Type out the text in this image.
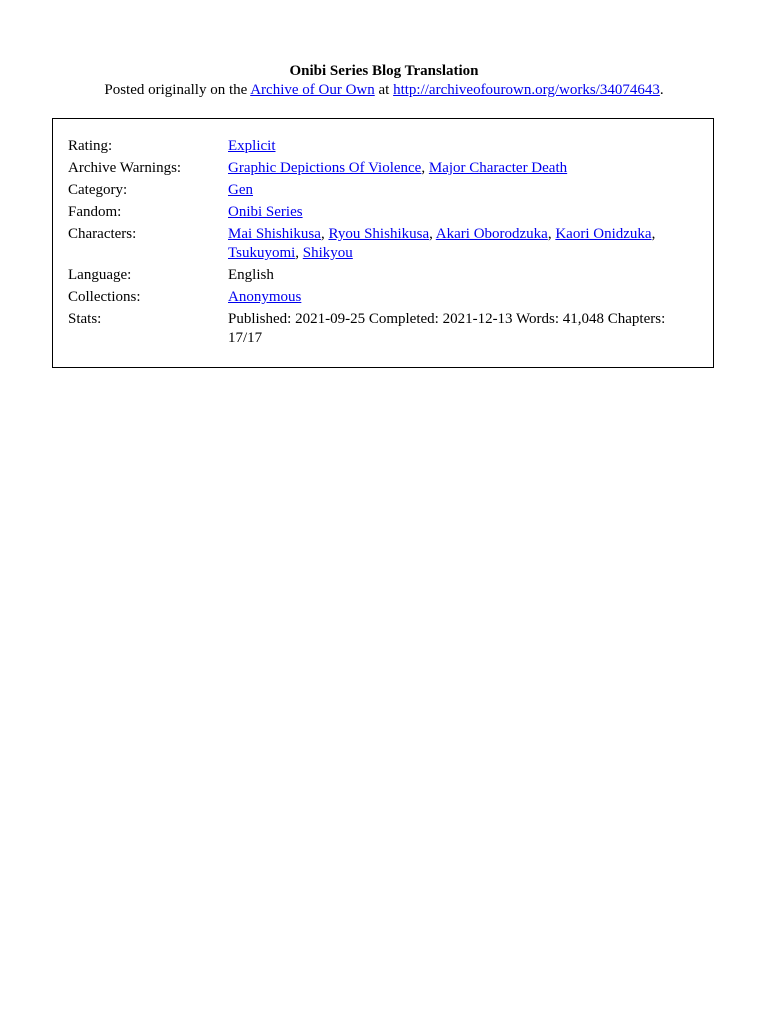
Onibi Series Blog Translation
Posted originally on the Archive of Our Own at http://archiveofourown.org/works/34074643.
Rating:	Explicit
Archive Warnings:	Graphic Depictions Of Violence, Major Character Death
Category:	Gen
Fandom:	Onibi Series
Characters:	Mai Shishikusa, Ryou Shishikusa, Akari Oborodzuka, Kaori Onidzuka, Tsukuyomi, Shikyou
Language:	English
Collections:	Anonymous
Stats:	Published: 2021-09-25 Completed: 2021-12-13 Words: 41,048 Chapters: 17/17
